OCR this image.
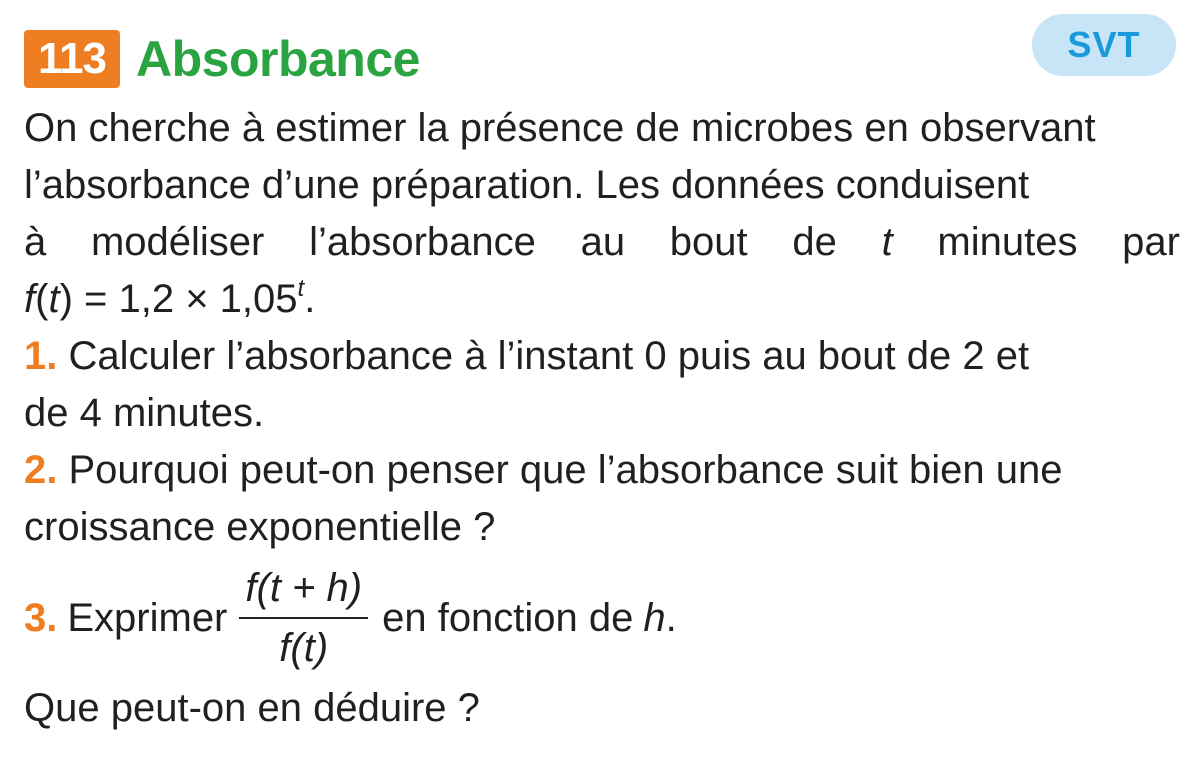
113 Absorbance	SVT
On cherche à estimer la présence de microbes en observant
l’absorbance d’une préparation. Les données conduisent
à modéliser l’absorbance au bout de t minutes par
$f(t) = 1,2 \times 1,05^t$.
1. Calculer l’absorbance à l’instant 0 puis au bout de 2 et
de 4 minutes.
2. Pourquoi peut-on penser que l’absorbance suit bien une
croissance exponentielle ?
3. Exprimer $\frac{f(t + h)}{f(t)}$ en fonction de h .
Que peut-on en déduire ?
